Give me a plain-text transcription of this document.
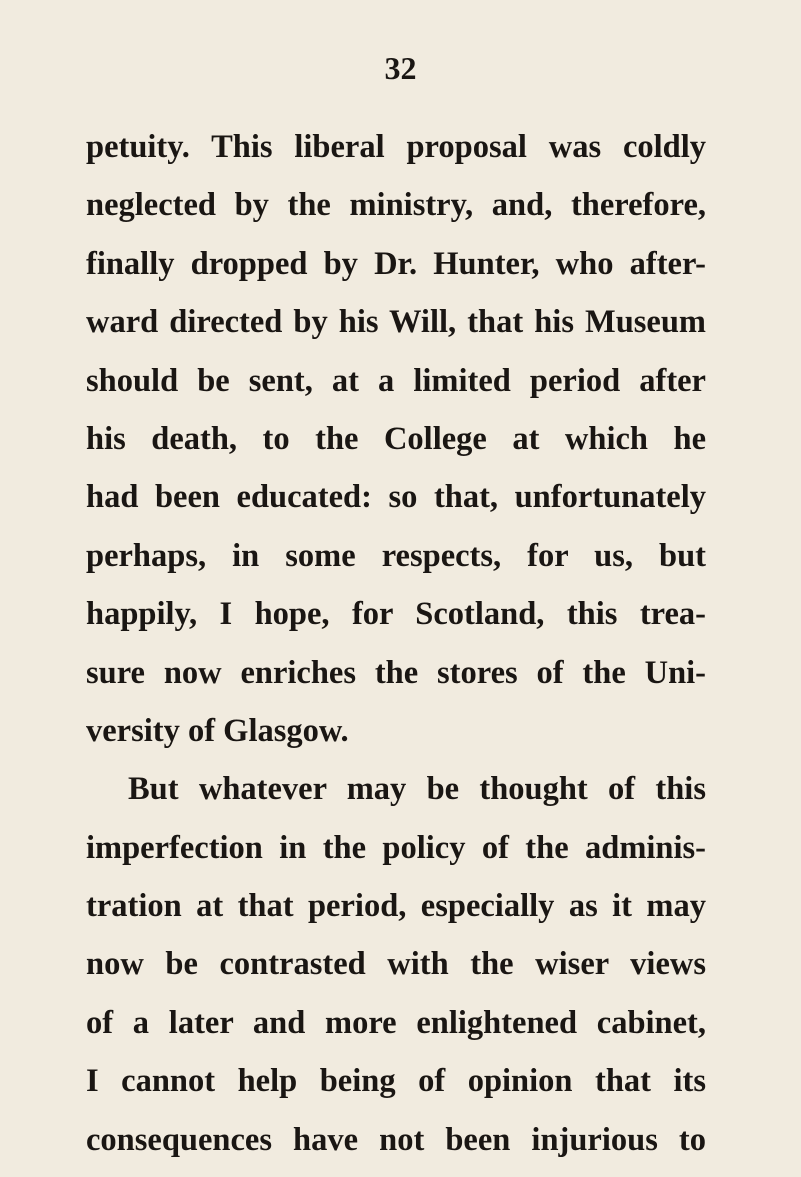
32
petuity. This liberal proposal was coldly
neglected by the ministry, and, therefore,
finally dropped by Dr. Hunter, who after-
ward directed by his Will, that his Museum
should be sent, at a limited period after
his death, to the College at which he
had been educated: so that, unfortunately
perhaps, in some respects, for us, but
happily, I hope, for Scotland, this trea-
sure now enriches the stores of the Uni-
versity of Glasgow.
But whatever may be thought of this
imperfection in the policy of the adminis-
tration at that period, especially as it may
now be contrasted with the wiser views
of a later and more enlightened cabinet,
I cannot help being of opinion that its
consequences have not been injurious to
